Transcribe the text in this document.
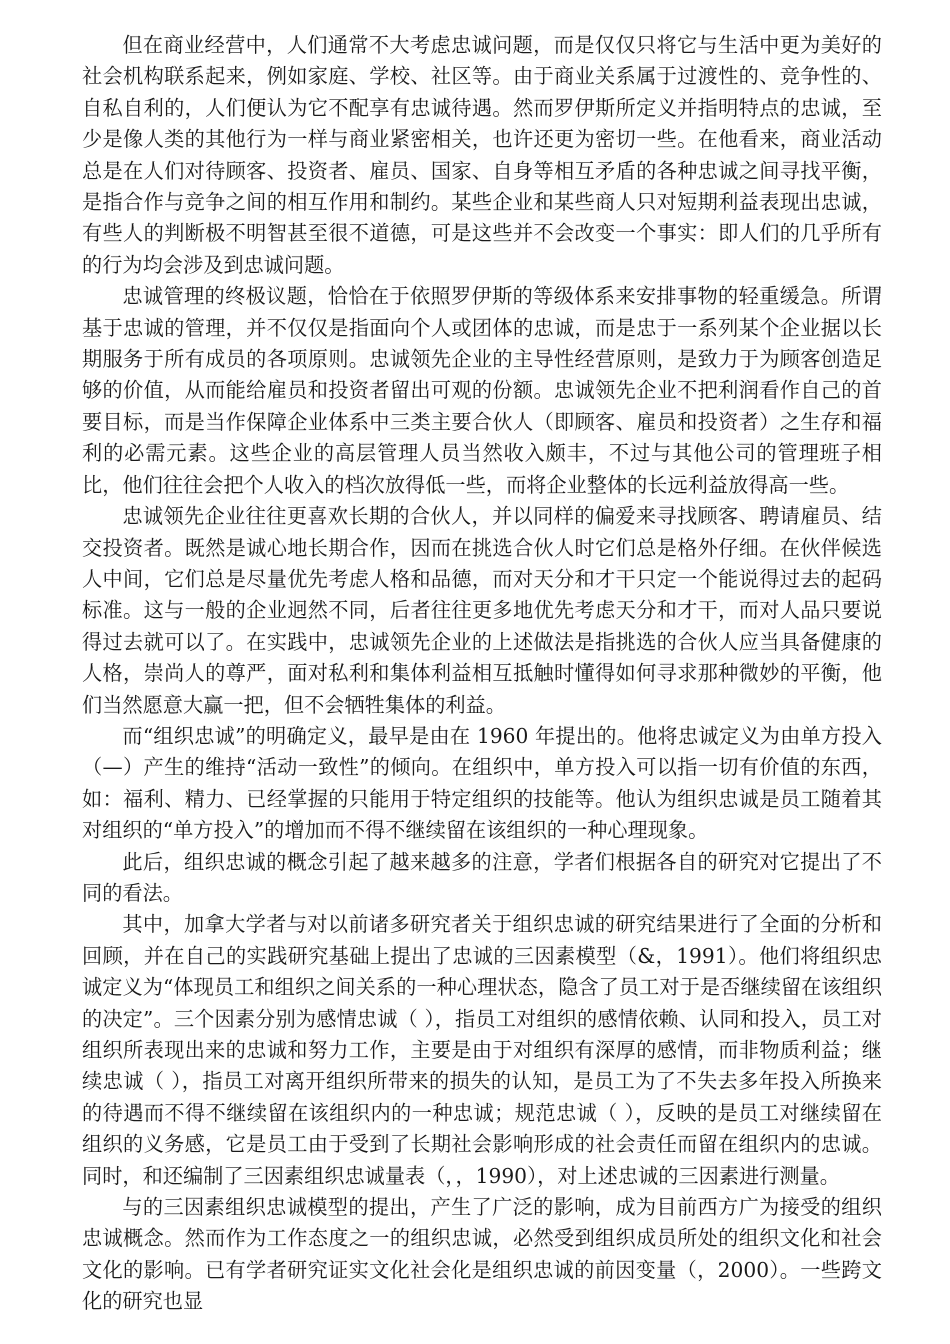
但在商业经营中，人们通常不大考虑忠诚问题，而是仅仅只将它与生活中更为美好的社会机构联系起来，例如家庭、学校、社区等。由于商业关系属于过渡性的、竞争性的、自私自利的，人们便认为它不配享有忠诚待遇。然而罗伊斯所定义并指明特点的忠诚，至少是像人类的其他行为一样与商业紧密相关，也许还更为密切一些。在他看来，商业活动总是在人们对待顾客、投资者、雇员、国家、自身等相互矛盾的各种忠诚之间寻找平衡，是指合作与竞争之间的相互作用和制约。某些企业和某些商人只对短期利益表现出忠诚，有些人的判断极不明智甚至很不道德，可是这些并不会改变一个事实：即人们的几乎所有的行为均会涉及到忠诚问题。

忠诚管理的终极议题，恰恰在于依照罗伊斯的等级体系来安排事物的轻重缓急。所谓基于忠诚的管理，并不仅仅是指面向个人或团体的忠诚，而是忠于一系列某个企业据以长期服务于所有成员的各项原则。忠诚领先企业的主导性经营原则，是致力于为顾客创造足够的价值，从而能给雇员和投资者留出可观的份额。忠诚领先企业不把利润看作自己的首要目标，而是当作保障企业体系中三类主要合伙人（即顾客、雇员和投资者）之生存和福利的必需元素。这些企业的高层管理人员当然收入颇丰，不过与其他公司的管理班子相比，他们往往会把个人收入的档次放得低一些，而将企业整体的长远利益放得高一些。

忠诚领先企业往往更喜欢长期的合伙人，并以同样的偏爱来寻找顾客、聘请雇员、结交投资者。既然是诚心地长期合作，因而在挑选合伙人时它们总是格外仔细。在伙伴候选人中间，它们总是尽量优先考虑人格和品德，而对天分和才干只定一个能说得过去的起码标准。这与一般的企业迥然不同，后者往往更多地优先考虑天分和才干，而对人品只要说得过去就可以了。在实践中，忠诚领先企业的上述做法是指挑选的合伙人应当具备健康的人格，崇尚人的尊严，面对私利和集体利益相互抵触时懂得如何寻求那种微妙的平衡，他们当然愿意大赢一把，但不会牺牲集体的利益。

而“组织忠诚”的明确定义，最早是由在 1960 年提出的。他将忠诚定义为由单方投入（—）产生的维持“活动一致性”的倾向。在组织中，单方投入可以指一切有价值的东西，如：福利、精力、已经掌握的只能用于特定组织的技能等。他认为组织忠诚是员工随着其对组织的“单方投入”的增加而不得不继续留在该组织的一种心理现象。

此后，组织忠诚的概念引起了越来越多的注意，学者们根据各自的研究对它提出了不同的看法。

其中，加拿大学者与对以前诸多研究者关于组织忠诚的研究结果进行了全面的分析和回顾，并在自己的实践研究基础上提出了忠诚的三因素模型（&，1991）。他们将组织忠诚定义为“体现员工和组织之间关系的一种心理状态，隐含了员工对于是否继续留在该组织的决定”。三个因素分别为感情忠诚（ ），指员工对组织的感情依赖、认同和投入，员工对组织所表现出来的忠诚和努力工作，主要是由于对组织有深厚的感情，而非物质利益；继续忠诚（ ），指员工对离开组织所带来的损失的认知，是员工为了不失去多年投入所换来的待遇而不得不继续留在该组织内的一种忠诚；规范忠诚（ ），反映的是员工对继续留在组织的义务感，它是员工由于受到了长期社会影响形成的社会责任而留在组织内的忠诚。同时，和还编制了三因素组织忠诚量表（，，1990），对上述忠诚的三因素进行测量。

与的三因素组织忠诚模型的提出，产生了广泛的影响，成为目前西方广为接受的组织忠诚概念。然而作为工作态度之一的组织忠诚，必然受到组织成员所处的组织文化和社会文化的影响。已有学者研究证实文化社会化是组织忠诚的前因变量（，2000）。一些跨文化的研究也显
